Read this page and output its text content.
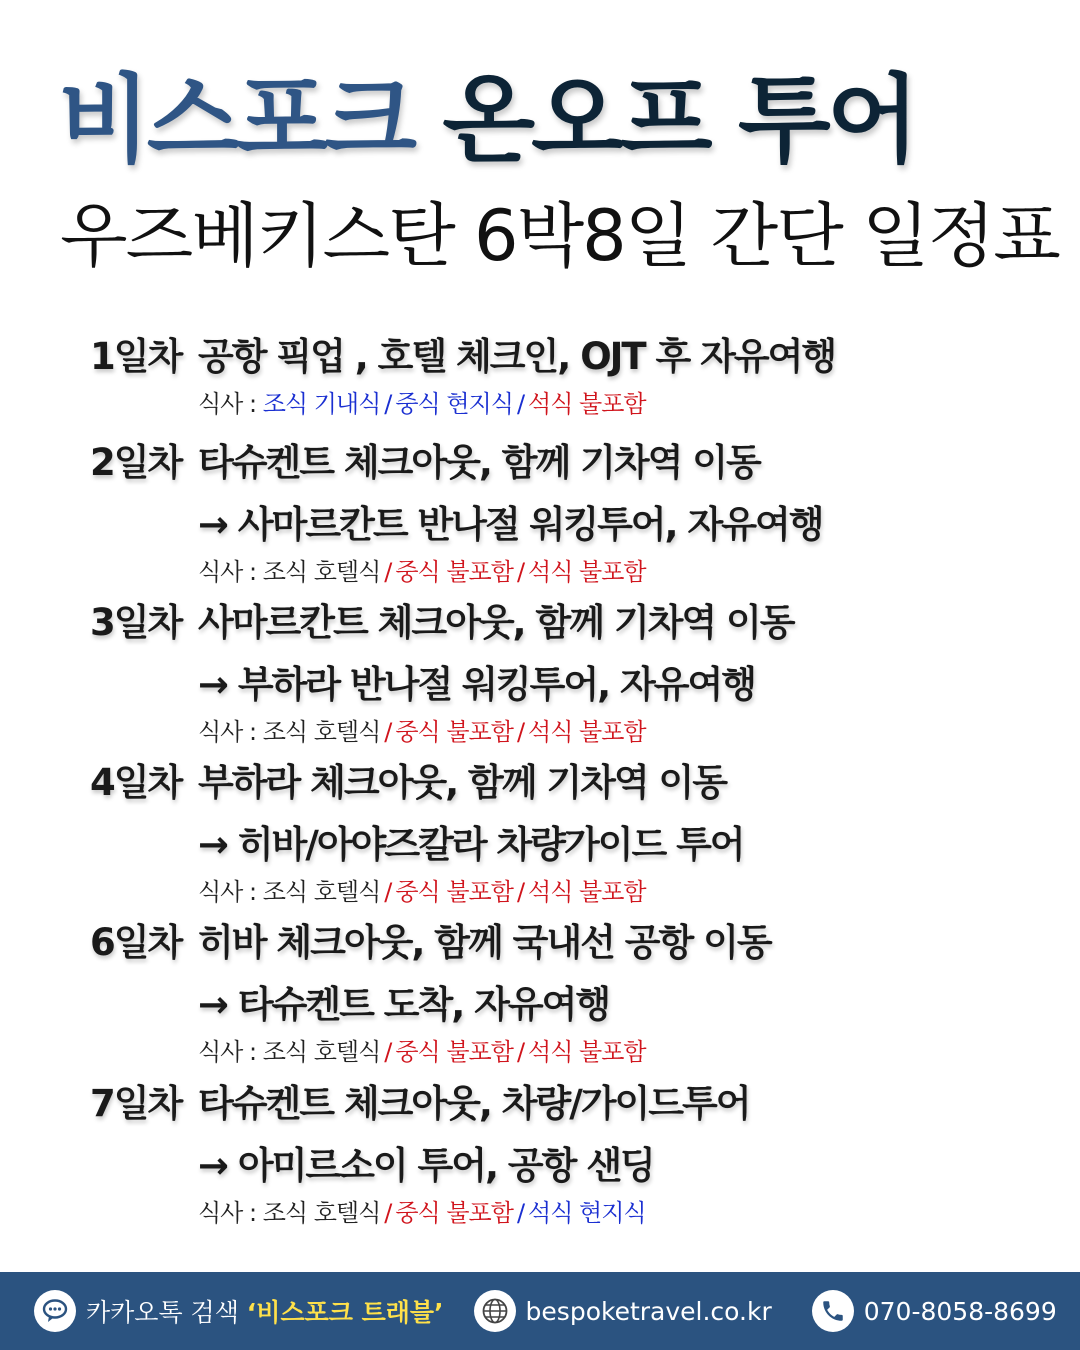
비스포크 온오프 투어
우즈베키스탄 6박8일 간단 일정표
1일차 공항 픽업 , 호텔 체크인, OJT 후 자유여행
식사 : 조식 기내식 / 중식 현지식 / 석식 불포함
2일차 타슈켄트 체크아웃, 함께 기차역 이동
→ 사마르칸트 반나절 워킹투어, 자유여행
식사 : 조식 호텔식 / 중식 불포함 / 석식 불포함
3일차 사마르칸트 체크아웃, 함께 기차역 이동
→ 부하라 반나절 워킹투어, 자유여행
식사 : 조식 호텔식 / 중식 불포함 / 석식 불포함
4일차 부하라 체크아웃, 함께 기차역 이동
→ 히바/아야즈칼라 차량가이드 투어
식사 : 조식 호텔식 / 중식 불포함 / 석식 불포함
6일차 히바 체크아웃, 함께 국내선 공항 이동
→ 타슈켄트 도착, 자유여행
식사 : 조식 호텔식 / 중식 불포함 / 석식 불포함
7일차 타슈켄트 체크아웃, 차량/가이드투어
→ 아미르소이 투어, 공항 샌딩
식사 : 조식 호텔식 / 중식 불포함 / 석식 현지식
카카오톡 검색 ‘비스포크 트래블’	bespoketravel.co.kr	070-8058-8699
